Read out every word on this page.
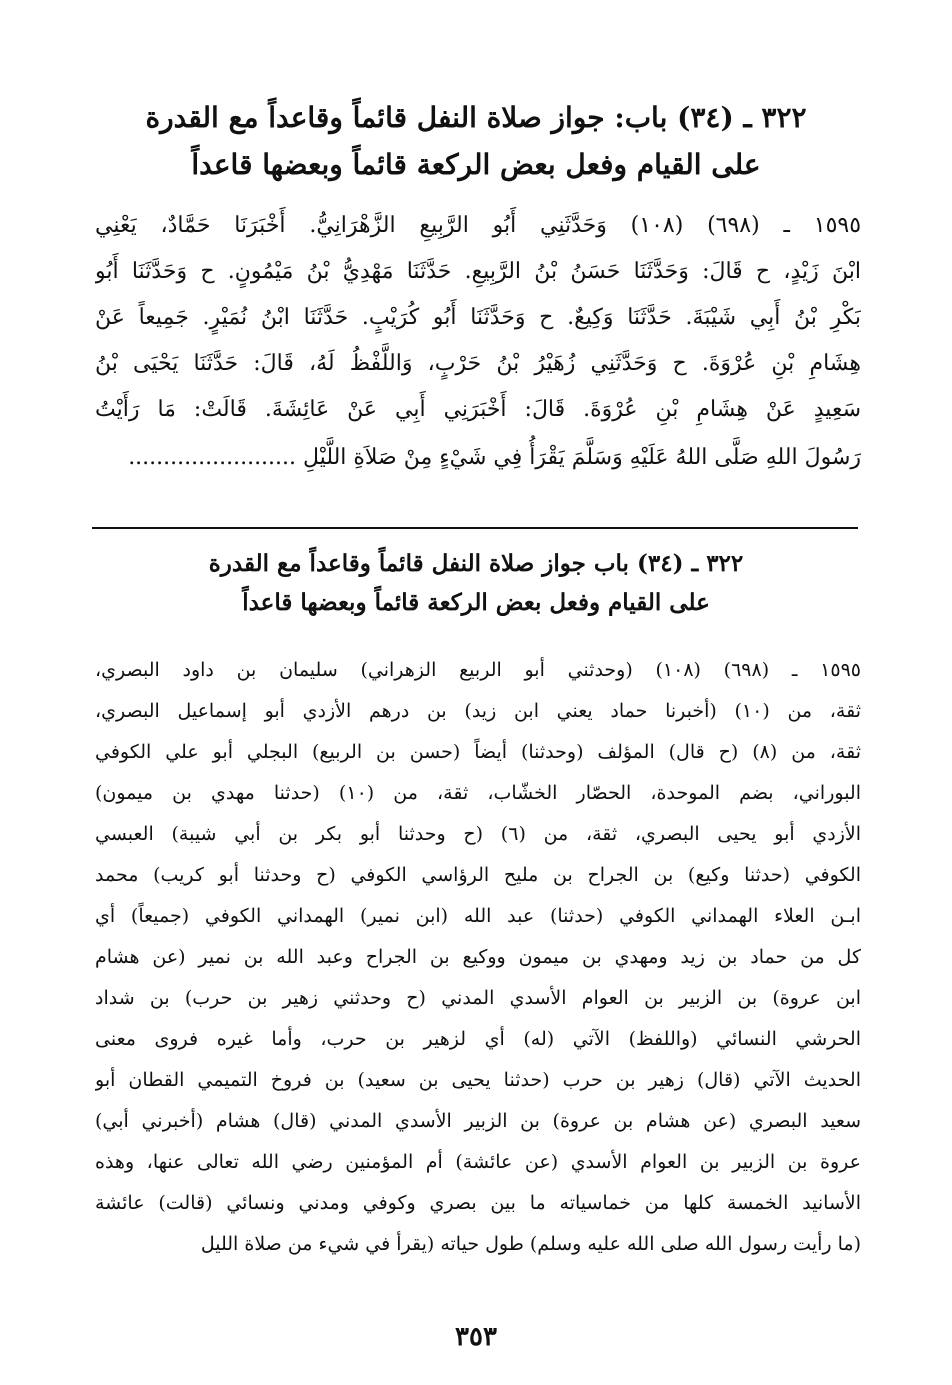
٣٢٢ ـ (٣٤) باب: جواز صلاة النفل قائماً وقاعداً مع القدرة
على القيام وفعل بعض الركعة قائماً وبعضها قاعداً
١٥٩٥ ـ (٦٩٨) (١٠٨) وَحَدَّثَنِي أَبُو الرَّبِيعِ الزَّهْرَانِيُّ. أَخْبَرَنَا حَمَّادٌ، يَعْنِي
ابْنَ زَيْدٍ، ح قَالَ: وَحَدَّثَنَا حَسَنُ بْنُ الرَّبِيعِ. حَدَّثَنَا مَهْدِيُّ بْنُ مَيْمُونٍ. ح وَحَدَّثَنَا أَبُو
بَكْرِ بْنُ أَبِي شَيْبَةَ. حَدَّثَنَا وَكِيعٌ. ح وَحَدَّثَنَا أَبُو كُرَيْبٍ. حَدَّثَنَا ابْنُ نُمَيْرٍ. جَمِيعاً عَنْ
هِشَامِ بْنِ عُرْوَةَ. ح وَحَدَّثَنِي زُهَيْرُ بْنُ حَرْبٍ، وَاللَّفْظُ لَهُ، قَالَ: حَدَّثَنَا يَحْيَى بْنُ
سَعِيدٍ عَنْ هِشَامِ بْنِ عُرْوَةَ. قَالَ: أَخْبَرَنِي أَبِي عَنْ عَائِشَةَ. قَالَتْ: مَا رَأَيْتُ
رَسُولَ اللهِ صَلَّى اللهُ عَلَيْهِ وَسَلَّمَ يَقْرَأُ فِي شَيْءٍ مِنْ صَلاَةِ اللَّيْلِ ........................
٣٢٢ ـ (٣٤) باب جواز صلاة النفل قائماً وقاعداً مع القدرة
على القيام وفعل بعض الركعة قائماً وبعضها قاعداً
١٥٩٥ ـ (٦٩٨) (١٠٨) (وحدثني أبو الربيع الزهراني) سليمان بن داود البصري،
ثقة، من (١٠) (أخبرنا حماد يعني ابن زيد) بن درهم الأزدي أبو إسماعيل البصري،
ثقة، من (٨) (ح قال) المؤلف (وحدثنا) أيضاً (حسن بن الربيع) البجلي أبو علي الكوفي
البوراني، بضم الموحدة، الحصّار الخشّاب، ثقة، من (١٠) (حدثنا مهدي بن ميمون)
الأزدي أبو يحيى البصري، ثقة، من (٦) (ح وحدثنا أبو بكر بن أبي شيبة) العبسي
الكوفي (حدثنا وكيع) بن الجراح بن مليح الرؤاسي الكوفي (ح وحدثنا أبو كريب) محمد
ابـن العلاء الهمداني الكوفي (حدثنا) عبد الله (ابن نمير) الهمداني الكوفي (جميعاً) أي
كل من حماد بن زيد ومهدي بن ميمون ووكيع بن الجراح وعبد الله بن نمير (عن هشام
ابن عروة) بن الزبير بن العوام الأسدي المدني (ح وحدثني زهير بن حرب) بن شداد
الحرشي النسائي (واللفظ) الآتي (له) أي لزهير بن حرب، وأما غيره فروى معنى
الحديث الآتي (قال) زهير بن حرب (حدثنا يحيى بن سعيد) بن فروخ التميمي القطان أبو
سعيد البصري (عن هشام بن عروة) بن الزبير الأسدي المدني (قال) هشام (أخبرني أبي)
عروة بن الزبير بن العوام الأسدي (عن عائشة) أم المؤمنين رضي الله تعالى عنها، وهذه
الأسانيد الخمسة كلها من خماسياته ما بين بصري وكوفي ومدني ونسائي (قالت) عائشة
(ما رأيت رسول الله صلى الله عليه وسلم) طول حياته (يقرأ في شيء من صلاة الليل
٣٥٣
